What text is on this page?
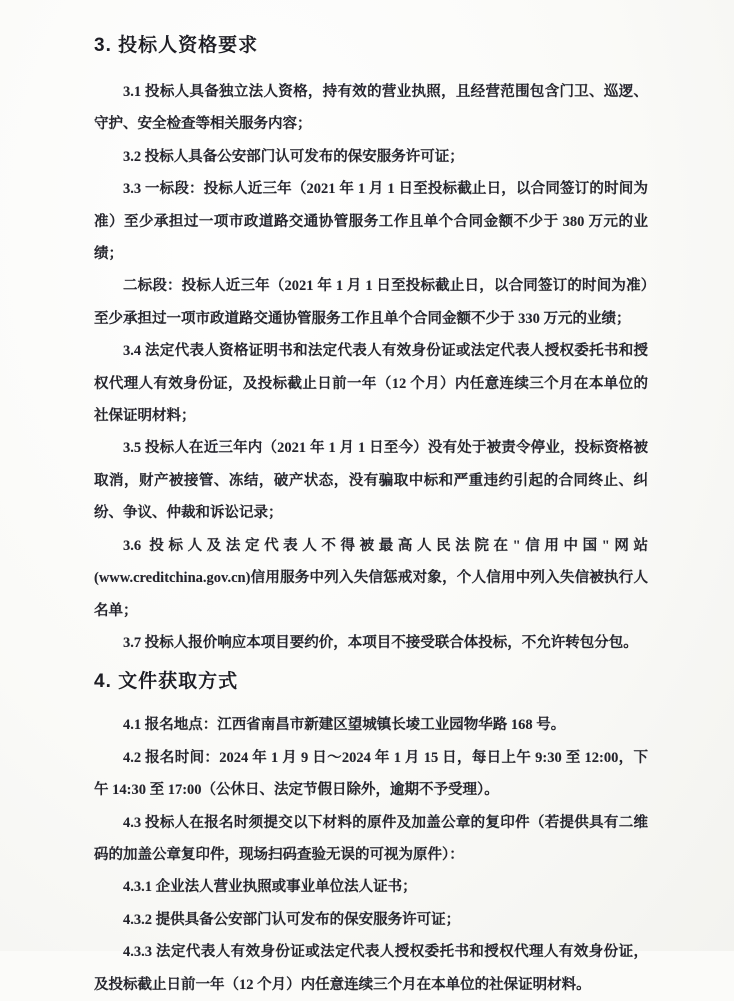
3. 投标人资格要求

3.1 投标人具备独立法人资格，持有效的营业执照，且经营范围包含门卫、巡逻、守护、安全检查等相关服务内容；

3.2 投标人具备公安部门认可发布的保安服务许可证；

3.3 一标段：投标人近三年（2021 年 1 月 1 日至投标截止日，以合同签订的时间为准）至少承担过一项市政道路交通协管服务工作且单个合同金额不少于 380 万元的业绩；

二标段：投标人近三年（2021 年 1 月 1 日至投标截止日，以合同签订的时间为准）至少承担过一项市政道路交通协管服务工作且单个合同金额不少于 330 万元的业绩；

3.4 法定代表人资格证明书和法定代表人有效身份证或法定代表人授权委托书和授权代理人有效身份证，及投标截止日前一年（12 个月）内任意连续三个月在本单位的社保证明材料；

3.5 投标人在近三年内（2021 年 1 月 1 日至今）没有处于被责令停业，投标资格被取消，财产被接管、冻结，破产状态，没有骗取中标和严重违约引起的合同终止、纠纷、争议、仲裁和诉讼记录；

3.6 投标人及法定代表人不得被最高人民法院在"信用中国"网站(www.creditchina.gov.cn)信用服务中列入失信惩戒对象，个人信用中列入失信被执行人名单；

3.7 投标人报价响应本项目要约价，本项目不接受联合体投标，不允许转包分包。

4. 文件获取方式

4.1 报名地点：江西省南昌市新建区望城镇长堎工业园物华路 168 号。

4.2 报名时间：2024 年 1 月 9 日～2024 年 1 月 15 日，每日上午 9:30 至 12:00，下午 14:30 至 17:00（公休日、法定节假日除外，逾期不予受理）。

4.3 投标人在报名时须提交以下材料的原件及加盖公章的复印件（若提供具有二维码的加盖公章复印件，现场扫码查验无误的可视为原件）：

4.3.1 企业法人营业执照或事业单位法人证书；

4.3.2 提供具备公安部门认可发布的保安服务许可证；

4.3.3 法定代表人有效身份证或法定代表人授权委托书和授权代理人有效身份证，及投标截止日前一年（12 个月）内任意连续三个月在本单位的社保证明材料。
